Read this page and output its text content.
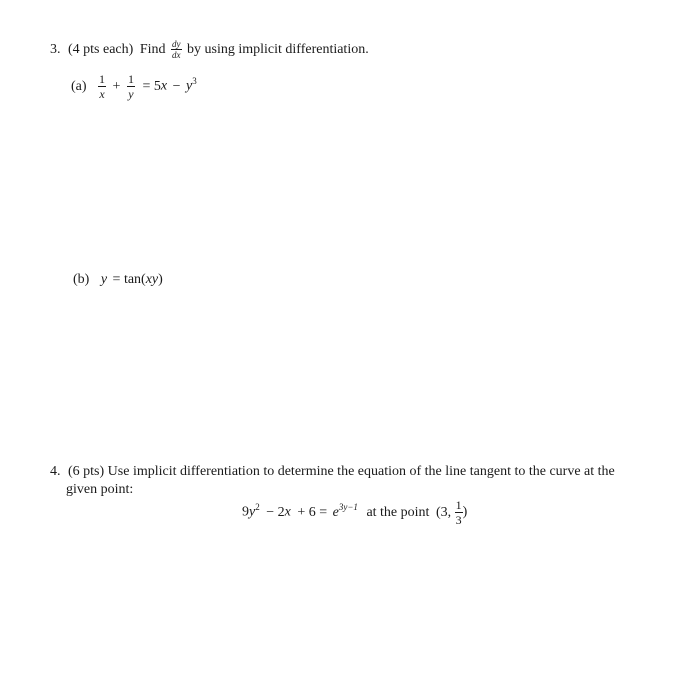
3. (4 pts each) Find $\frac{dy}{dx}$ by using implicit differentiation.
$(a) \frac{1}{x} + \frac{1}{y} = 5x - y^3$
(b) y = tan(xy)
4. (6 pts) Use implicit differentiation to determine the equation of the line tangent to the curve at the
given point:
$9y^2 - 2x + 6 = e^{3y-1}$ at the point (3, $\frac{1}{3}$ )
